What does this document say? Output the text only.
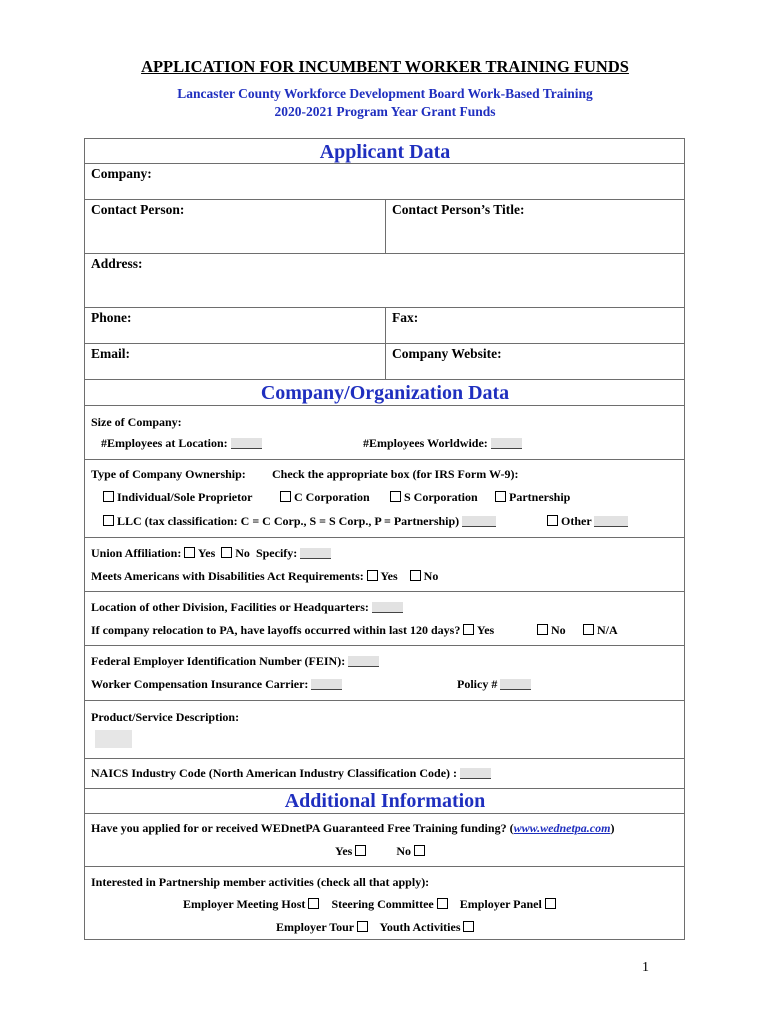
APPLICATION FOR INCUMBENT WORKER TRAINING FUNDS
Lancaster County Workforce Development Board Work-Based Training
2020-2021 Program Year Grant Funds
Applicant Data
Company:
Contact Person:	Contact Person’s Title:
Address:
Phone:	Fax:
Email:	Company Website:
Company/Organization Data
Size of Company:
#Employees at Location:	#Employees Worldwide:
Type of Company Ownership: Check the appropriate box (for IRS Form W-9):
Individual/Sole Proprietor	C Corporation	S Corporation	Partnership
LLC (tax classification: C = C Corp., S = S Corp., P = Partnership)	Other
Union Affiliation: Yes No Specify:
Meets Americans with Disabilities Act Requirements: Yes No
Location of other Division, Facilities or Headquarters:
If company relocation to PA, have layoffs occurred within last 120 days? Yes	No	N/A
Federal Employer Identification Number (FEIN):
Worker Compensation Insurance Carrier:	Policy #
Product/Service Description:
NAICS Industry Code (North American Industry Classification Code) :
Additional Information
Have you applied for or received WEDnetPA Guaranteed Free Training funding? (www.wednetpa.com)
Yes	No
Interested in Partnership member activities (check all that apply):
Employer Meeting Host Steering Committee Employer Panel
Employer Tour Youth Activities
1
